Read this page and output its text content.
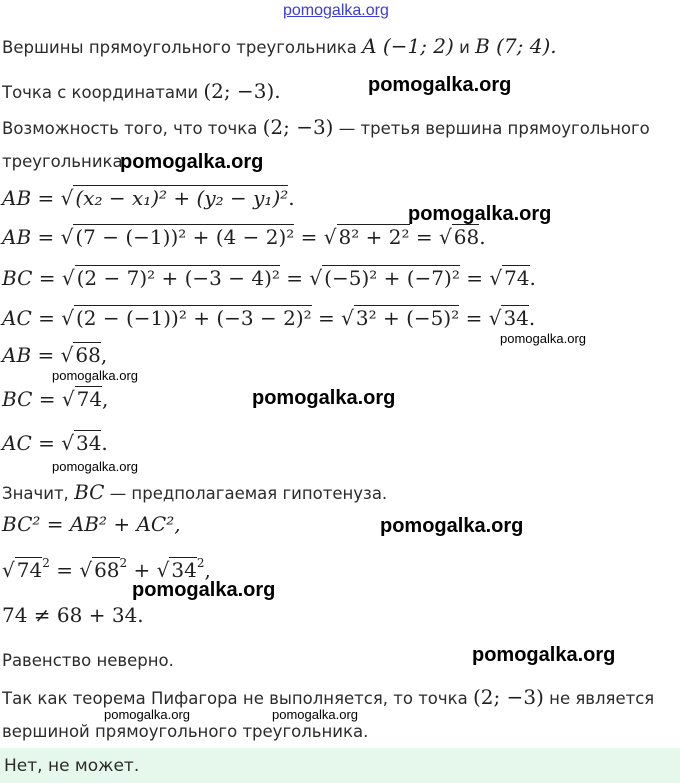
pomogalka.org
Вершины прямоугольного треугольника A (−1; 2) и B (7; 4).
Точка с координатами (2; −3).
Возможность того, что точка (2; −3) — третья вершина прямоугольного
треугольника.
AB = √ (x₂ − x₁)² + (y₂ − y₁)².
AB = √ (7 − (−1))² + (4 − 2)² = √ 8² + 2² = √ 68.
BC = √ (2 − 7)² + (−3 − 4)² = √ (−5)² + (−7)² = √ 74.
AC = √ (2 − (−1))² + (−3 − 2)² = √ 3² + (−5)² = √ 34.
AB = √ 68,
BC = √ 74,
AC = √ 34.
Значит, BC — предполагаемая гипотенуза.
BC² = AB² + AC²,
√ $74^2$ = √ $68^2$ + √ $34^2$,
74 ≠ 68 + 34.
Равенство неверно.
Так как теорема Пифагора не выполняется, то точка (2; −3) не является
вершиной прямоугольного треугольника.
Нет, не может.
pomogalka.org
pomogalka.org
pomogalka.org
pomogalka.org
pomogalka.org
pomogalka.org
pomogalka.org
pomogalka.org
pomogalka.org
pomogalka.org
pomogalka.org	pomogalka.org
